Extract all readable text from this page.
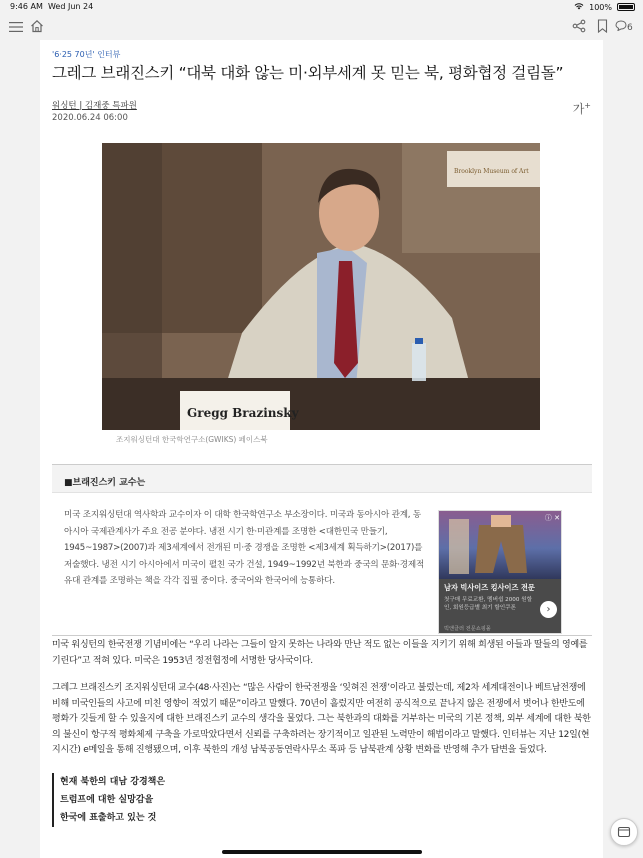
9:46 AM Wed Jun 24	100%
6
'6·25 70년' 인터뷰
그레그 브래진스키 “대북 대화 않는 미·외부세계 못 믿는 북, 평화협정 걸림돌”
워싱턴 | 김재중 특파원
2020.06.24 06:00
가+
Gregg Brazinsky
Brooklyn Museum of Art
조지워싱턴대 한국학연구소(GWIKS) 페이스북
■브래진스키 교수는
미국 조지워싱턴대 역사학과 교수이자 이 대학 한국학연구소 부소장이다. 미국과 동아시아 관계, 동아시아 국제관계사가 주요 전공 분야다. 냉전 시기 한·미관계를 조명한 <대한민국 만들기, 1945~1987>(2007)과 제3세계에서 전개된 미·중 경쟁을 조명한 <제3세계 획득하기>(2017)를 저술했다. 냉전 시기 아시아에서 미국이 펼친 국가 건설, 1949~1992년 북한과 중국의 문화·경제적 유대 관계를 조명하는 책을 각각 집필 중이다. 중국어와 한국어에 능통하다.
ⓘ ✕
남자 빅사이즈 킹사이즈 전문
첫구매 무료교환, 멤버쉽 2000 원할인, 회원등급별 최기 할인쿠폰
빅앤클러 전문쇼핑몰
›
미국 워싱턴의 한국전쟁 기념비에는 “우리 나라는 그들이 알지 못하는 나라와 만난 적도 없는 이들을 지키기 위해 희생된 아들과 딸들의 영예를 기린다”고 적혀 있다. 미국은 1953년 정전협정에 서명한 당사국이다.
그레그 브래진스키 조지워싱턴대 교수(48·사진)는 “많은 사람이 한국전쟁을 ‘잊혀진 전쟁’이라고 불렀는데, 제2차 세계대전이나 베트남전쟁에 비해 미국인들의 사고에 미친 영향이 적었기 때문”이라고 말했다. 70년이 흘렀지만 여전히 공식적으로 끝나지 않은 전쟁에서 벗어나 한반도에 평화가 깃들게 할 수 있을지에 대한 브래진스키 교수의 생각을 물었다. 그는 북한과의 대화를 거부하는 미국의 기본 정책, 외부 세계에 대한 북한의 불신이 항구적 평화체제 구축을 가로막았다면서 신뢰를 구축하려는 장기적이고 일관된 노력만이 해법이라고 말했다. 인터뷰는 지난 12일(현지시간) e메일을 통해 진행됐으며, 이후 북한의 개성 남북공동연락사무소 폭파 등 남북관계 상황 변화를 반영해 추가 답변을 들었다.
현재 북한의 대남 강경책은
트럼프에 대한 실망감을
한국에 표출하고 있는 것
